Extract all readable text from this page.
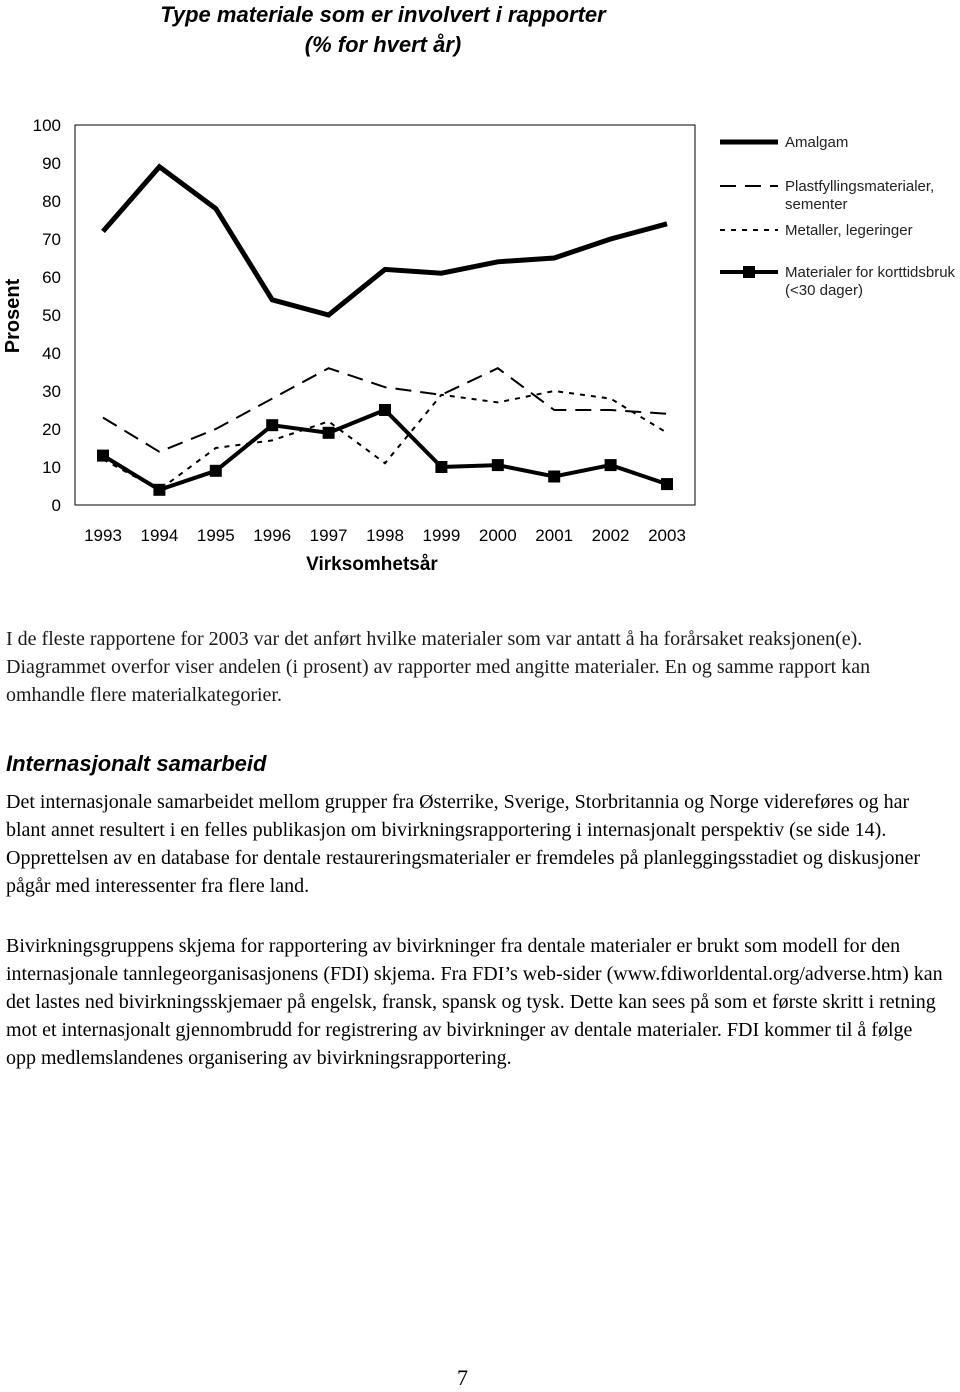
Type materiale som er involvert i rapporter
(% for hvert år)
Prosent
Virksomhetsår
0
10
20
30
40
50
60
70
80
90
100
1993 1994 1995 1996 1997 1998 1999 2000 2001 2002 2003
Amalgam
Plastfyllingsmaterialer,
sementer
Metaller, legeringer
Materialer for korttidsbruk
(<30 dager)

I de fleste rapportene for 2003 var det anført hvilke materialer som var antatt å ha forårsaket reaksjonen(e). Diagrammet overfor viser andelen (i prosent) av rapporter med angitte materialer. En og samme rapport kan omhandle flere materialkategorier.

Internasjonalt samarbeid

Det internasjonale samarbeidet mellom grupper fra Østerrike, Sverige, Storbritannia og Norge videreføres og har blant annet resultert i en felles publikasjon om bivirkningsrapportering i internasjonalt perspektiv (se side 14). Opprettelsen av en database for dentale restaureringsmaterialer er fremdeles på planleggingsstadiet og diskusjoner pågår med interessenter fra flere land.

Bivirkningsgruppens skjema for rapportering av bivirkninger fra dentale materialer er brukt som modell for den internasjonale tannlegeorganisasjonens (FDI) skjema. Fra FDI’s web-sider (www.fdiworldental.org/adverse.htm) kan det lastes ned bivirkningsskjemaer på engelsk, fransk, spansk og tysk. Dette kan sees på som et første skritt i retning mot et internasjonalt gjennombrudd for registrering av bivirkninger av dentale materialer. FDI kommer til å følge opp medlemslandenes organisering av bivirkningsrapportering.

7
